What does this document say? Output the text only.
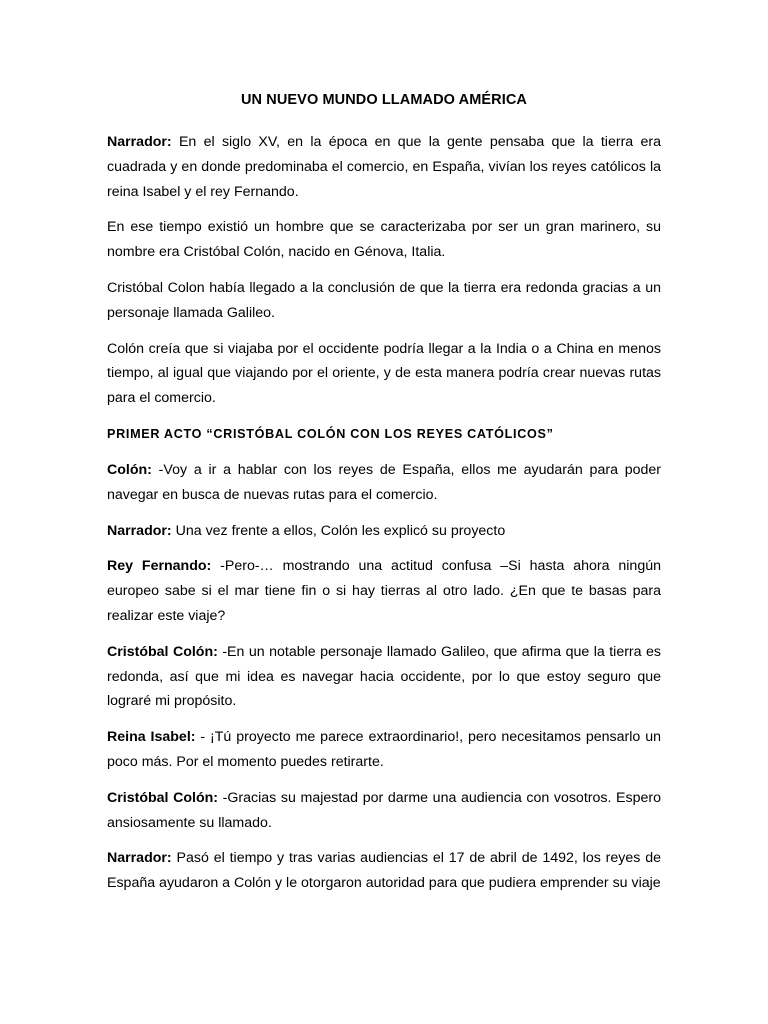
UN NUEVO MUNDO LLAMADO AMÉRICA

Narrador: En el siglo XV, en la época en que la gente pensaba que la tierra era cuadrada y en donde predominaba el comercio, en España, vivían los reyes católicos la reina Isabel y el rey Fernando.

En ese tiempo existió un hombre que se caracterizaba por ser un gran marinero, su nombre era Cristóbal Colón, nacido en Génova, Italia.

Cristóbal Colon había llegado a la conclusión de que la tierra era redonda gracias a un personaje llamada Galileo.

Colón creía que si viajaba por el occidente podría llegar a la India o a China en menos tiempo, al igual que viajando por el oriente, y de esta manera podría crear nuevas rutas para el comercio.

PRIMER ACTO “CRISTÓBAL COLÓN CON LOS REYES CATÓLICOS”

Colón: -Voy a ir a hablar con los reyes de España, ellos me ayudarán para poder navegar en busca de nuevas rutas para el comercio.

Narrador: Una vez frente a ellos, Colón les explicó su proyecto

Rey Fernando: -Pero-… mostrando una actitud confusa –Si hasta ahora ningún europeo sabe si el mar tiene fin o si hay tierras al otro lado. ¿En que te basas para realizar este viaje?

Cristóbal Colón: -En un notable personaje llamado Galileo, que afirma que la tierra es redonda, así que mi idea es navegar hacia occidente, por lo que estoy seguro que lograré mi propósito.

Reina Isabel: - ¡Tú proyecto me parece extraordinario!, pero necesitamos pensarlo un poco más. Por el momento puedes retirarte.

Cristóbal Colón: -Gracias su majestad por darme una audiencia con vosotros. Espero ansiosamente su llamado.

Narrador: Pasó el tiempo y tras varias audiencias el 17 de abril de 1492, los reyes de España ayudaron a Colón y le otorgaron autoridad para que pudiera emprender su viaje
